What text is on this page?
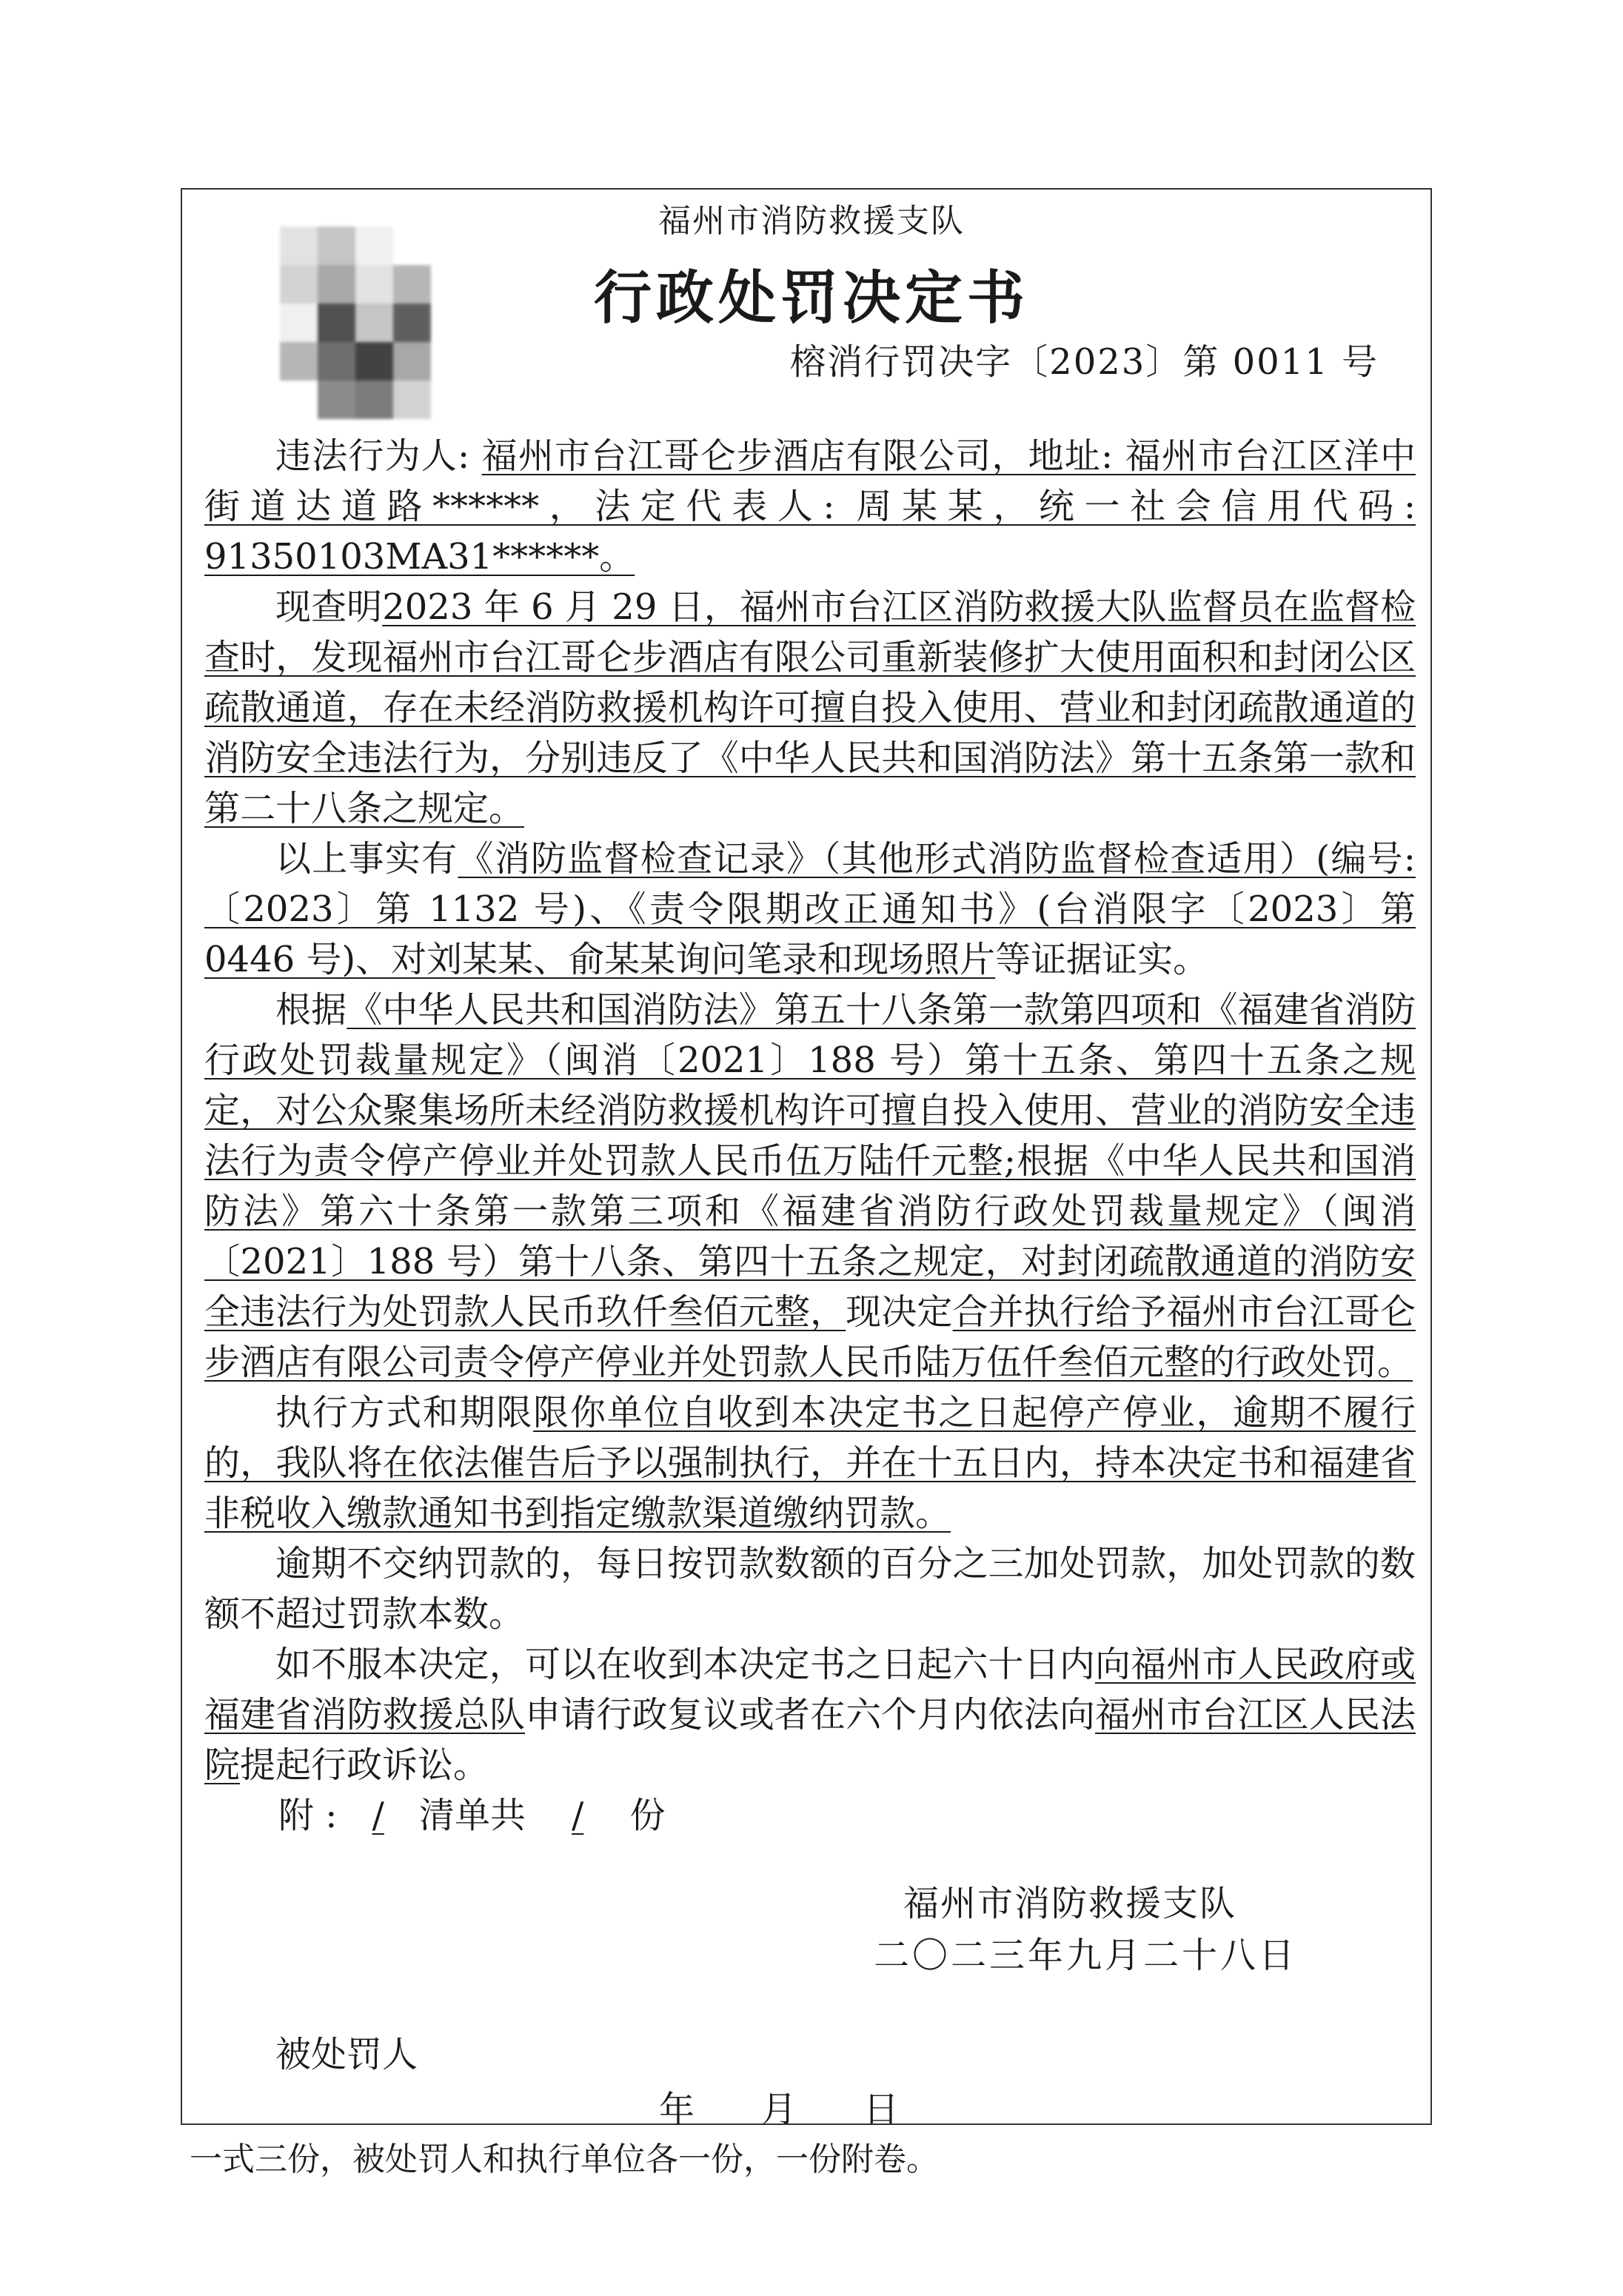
福州市消防救援支队
行政处罚决定书
榕消行罚决字〔2023〕第 0011 号

违法行为人: 福州市台江哥仑步酒店有限公司，地址: 福州市台江区洋中街道达道路******，法定代表人: 周某某，统一社会信用代码: 91350103MA31******。

现查明2023 年 6 月 29 日，福州市台江区消防救援大队监督员在监督检查时，发现福州市台江哥仑步酒店有限公司重新装修扩大使用面积和封闭公区疏散通道，存在未经消防救援机构许可擅自投入使用、营业和封闭疏散通道的消防安全违法行为，分别违反了《中华人民共和国消防法》第十五条第一款和第二十八条之规定。

以上事实有《消防监督检查记录》（其他形式消防监督检查适用）(编号:〔2023〕第 1132 号)、《责令限期改正通知书》(台消限字〔2023〕第 0446 号)、对刘某某、俞某某询问笔录和现场照片等证据证实。

根据《中华人民共和国消防法》第五十八条第一款第四项和《福建省消防行政处罚裁量规定》（闽消〔2021〕188 号）第十五条、第四十五条之规定，对公众聚集场所未经消防救援机构许可擅自投入使用、营业的消防安全违法行为责令停产停业并处罚款人民币伍万陆仟元整;根据《中华人民共和国消防法》第六十条第一款第三项和《福建省消防行政处罚裁量规定》（闽消〔2021〕188 号）第十八条、第四十五条之规定，对封闭疏散通道的消防安全违法行为处罚款人民币玖仟叁佰元整，现决定合并执行给予福州市台江哥仑步酒店有限公司责令停产停业并处罚款人民币陆万伍仟叁佰元整的行政处罚。

执行方式和期限限你单位自收到本决定书之日起停产停业，逾期不履行的，我队将在依法催告后予以强制执行，并在十五日内，持本决定书和福建省非税收入缴款通知书到指定缴款渠道缴纳罚款。

逾期不交纳罚款的，每日按罚款数额的百分之三加处罚款，加处罚款的数额不超过罚款本数。

如不服本决定，可以在收到本决定书之日起六十日内向福州市人民政府或福建省消防救援总队申请行政复议或者在六个月内依法向福州市台江区人民法院提起行政诉讼。

附 : / 清单共 / 份

福州市消防救援支队
二〇二三年九月二十八日
被处罚人
年 月 日
一式三份，被处罚人和执行单位各一份，一份附卷。
